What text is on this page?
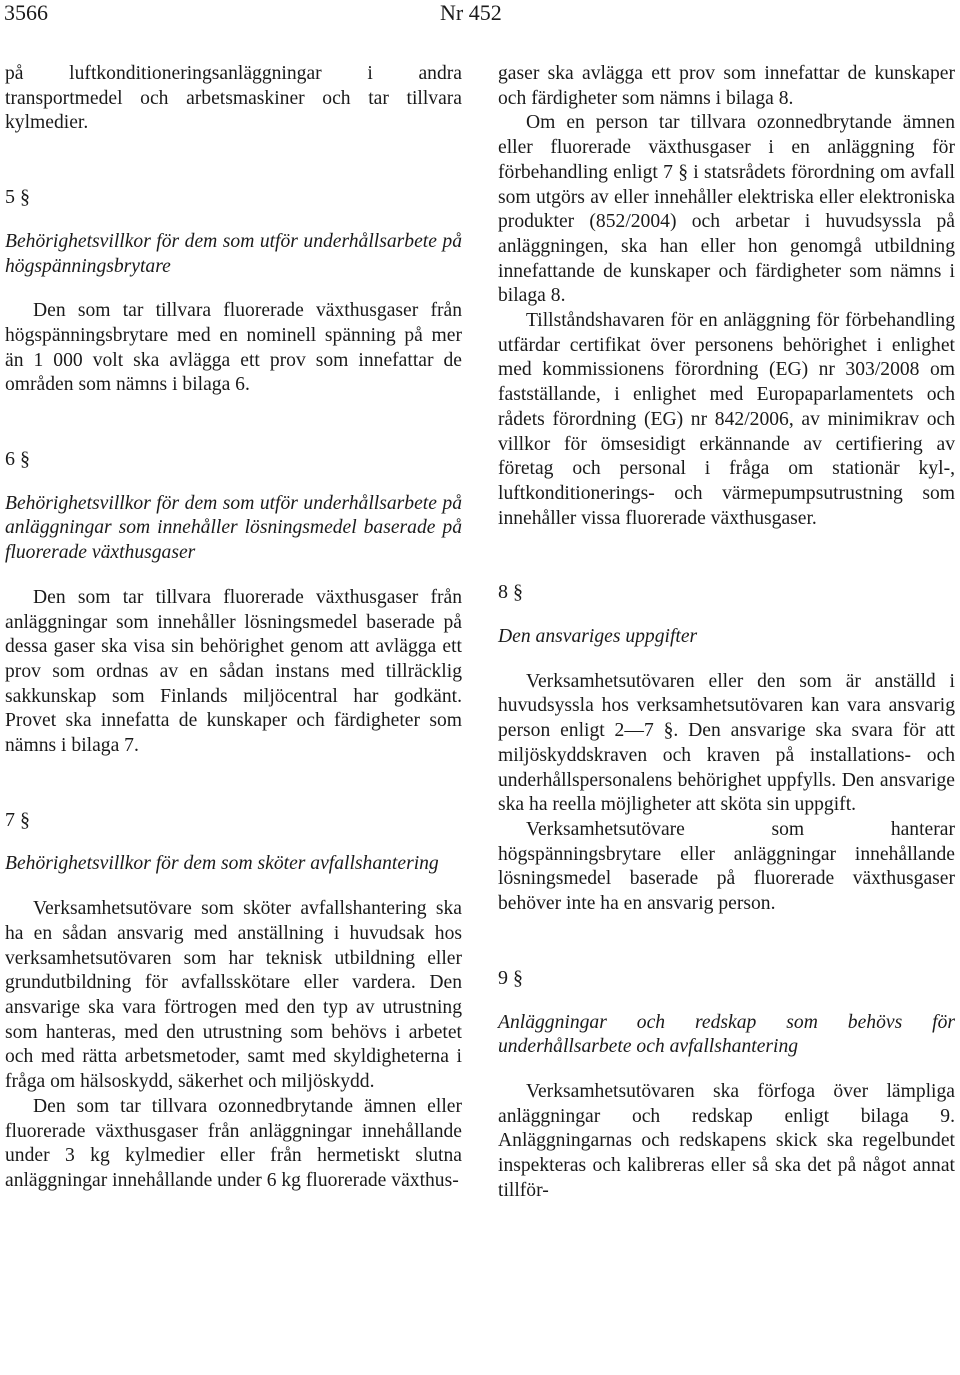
3566	Nr 452

på luftkonditioneringsanläggningar i andra transportmedel och arbetsmaskiner och tar tillvara kylmedier.

5 §

Behörighetsvillkor för dem som utför underhållsarbete på högspänningsbrytare

Den som tar tillvara fluorerade växthusgaser från högspänningsbrytare med en nominell spänning på mer än 1 000 volt ska avlägga ett prov som innefattar de områden som nämns i bilaga 6.

6 §

Behörighetsvillkor för dem som utför underhållsarbete på anläggningar som innehåller lösningsmedel baserade på fluorerade växthusgaser

Den som tar tillvara fluorerade växthusgaser från anläggningar som innehåller lösningsmedel baserade på dessa gaser ska visa sin behörighet genom att avlägga ett prov som ordnas av en sådan instans med tillräcklig sakkunskap som Finlands miljöcentral har godkänt. Provet ska innefatta de kunskaper och färdigheter som nämns i bilaga 7.

7 §

Behörighetsvillkor för dem som sköter avfallshantering

Verksamhetsutövare som sköter avfallshantering ska ha en sådan ansvarig med anställning i huvudsak hos verksamhetsutövaren som har teknisk utbildning eller grundutbildning för avfallsskötare eller vardera. Den ansvarige ska vara förtrogen med den typ av utrustning som hanteras, med den utrustning som behövs i arbetet och med rätta arbetsmetoder, samt med skyldigheterna i fråga om hälsoskydd, säkerhet och miljöskydd.

Den som tar tillvara ozonnedbrytande ämnen eller fluorerade växthusgaser från anläggningar innehållande under 3 kg kylmedier eller från hermetiskt slutna anläggningar innehållande under 6 kg fluorerade växthus-

gaser ska avlägga ett prov som innefattar de kunskaper och färdigheter som nämns i bilaga 8.

Om en person tar tillvara ozonnedbrytande ämnen eller fluorerade växthusgaser i en anläggning för förbehandling enligt 7 § i statsrådets förordning om avfall som utgörs av eller innehåller elektriska eller elektroniska produkter (852/2004) och arbetar i huvudsyssla på anläggningen, ska han eller hon genomgå utbildning innefattande de kunskaper och färdigheter som nämns i bilaga 8.

Tillståndshavaren för en anläggning för förbehandling utfärdar certifikat över personens behörighet i enlighet med kommissionens förordning (EG) nr 303/2008 om fastställande, i enlighet med Europaparlamentets och rådets förordning (EG) nr 842/2006, av minimikrav och villkor för ömsesidigt erkännande av certifiering av företag och personal i fråga om stationär kyl-, luftkonditionerings- och värmepumpsutrustning som innehåller vissa fluorerade växthusgaser.

8 §

Den ansvariges uppgifter

Verksamhetsutövaren eller den som är anställd i huvudsyssla hos verksamhetsutövaren kan vara ansvarig person enligt 2—7 §. Den ansvarige ska svara för att miljöskyddskraven och kraven på installations- och underhållspersonalens behörighet uppfylls. Den ansvarige ska ha reella möjligheter att sköta sin uppgift.

Verksamhetsutövare som hanterar högspänningsbrytare eller anläggningar innehållande lösningsmedel baserade på fluorerade växthusgaser behöver inte ha en ansvarig person.

9 §

Anläggningar och redskap som behövs för underhållsarbete och avfallshantering

Verksamhetsutövaren ska förfoga över lämpliga anläggningar och redskap enligt bilaga 9. Anläggningarnas och redskapens skick ska regelbundet inspekteras och kalibreras eller så ska det på något annat tillför-
